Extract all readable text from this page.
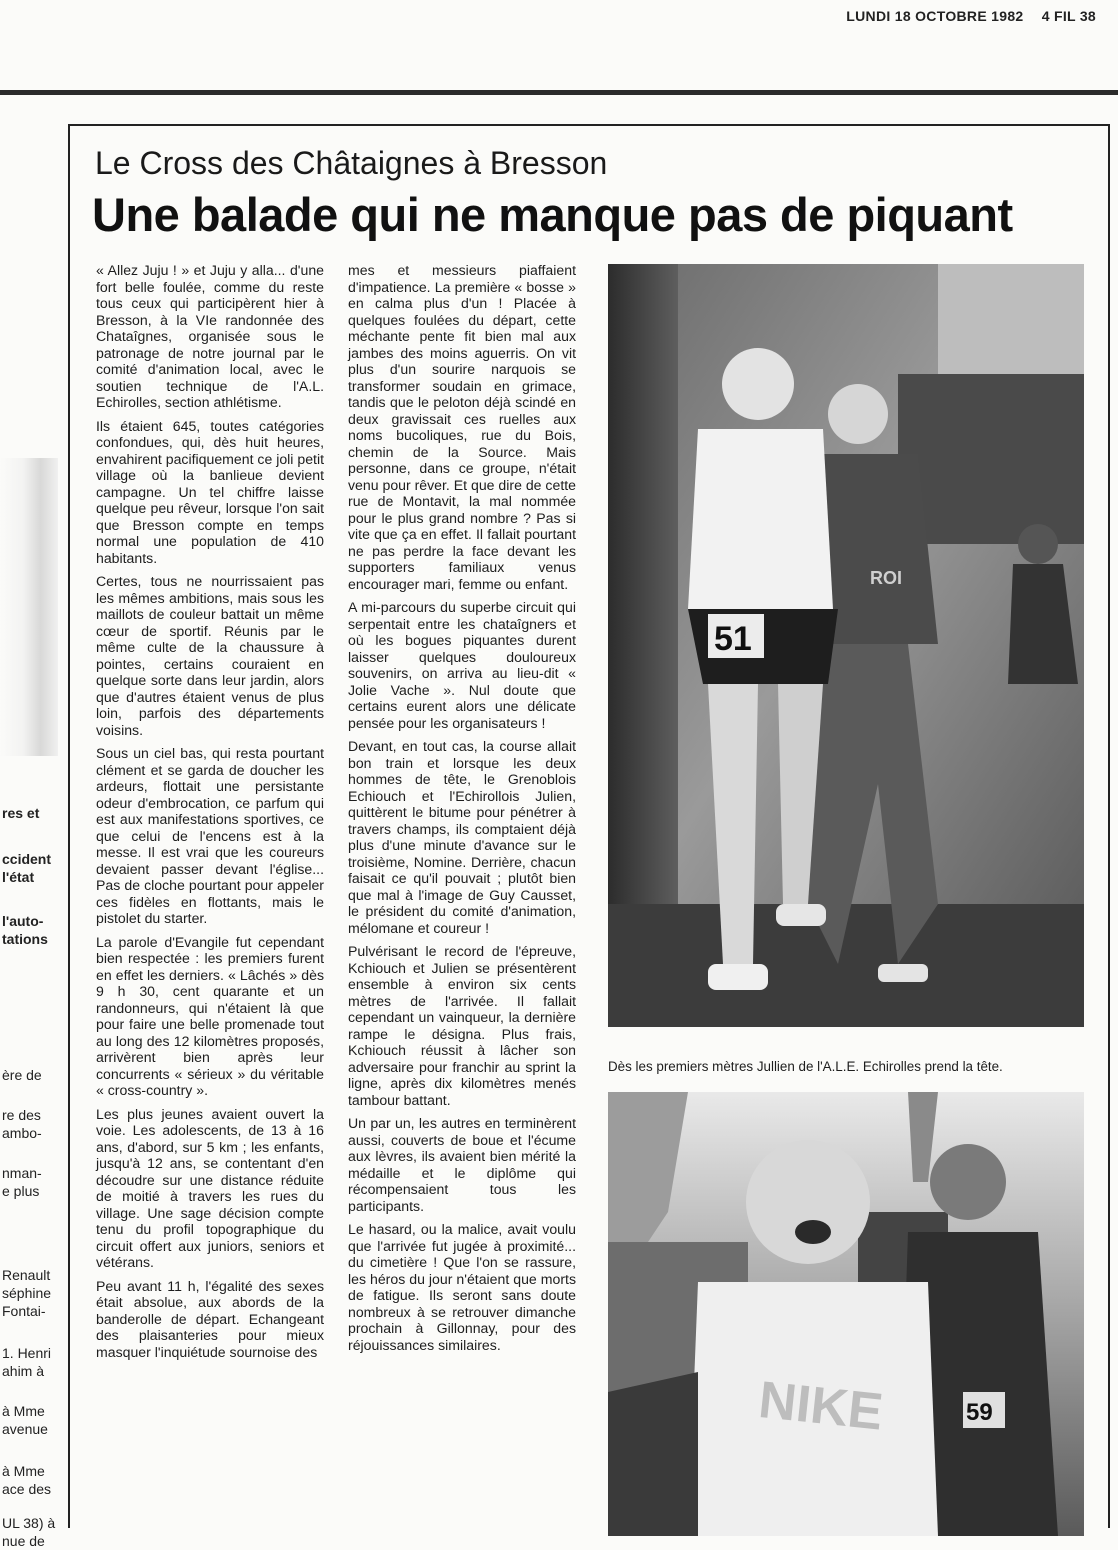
LUNDI 18 OCTOBRE 1982 4 FIL 38
res et
ccident
l'état
l'auto-
tations
ère de
re des
ambo-
nman-
e plus
Renault
séphine
Fontai-
1. Henri
ahim à
à Mme
avenue
à Mme
ace des
UL 38) à
nue de
Le Cross des Châtaignes à Bresson
Une balade qui ne manque pas de piquant

« Allez Juju ! » et Juju y alla... d'une fort belle foulée, comme du reste tous ceux qui participèrent hier à Bresson, à la VIe randonnée des Chataîgnes, organisée sous le patronage de notre journal par le comité d'animation local, avec le soutien technique de l'A.L. Echirolles, section athlétisme.

Ils étaient 645, toutes catégories confondues, qui, dès huit heures, envahirent pacifiquement ce joli petit village où la banlieue devient campagne. Un tel chiffre laisse quelque peu rêveur, lorsque l'on sait que Bresson compte en temps normal une population de 410 habitants.

Certes, tous ne nourrissaient pas les mêmes ambitions, mais sous les maillots de couleur battait un même cœur de sportif. Réunis par le même culte de la chaussure à pointes, certains couraient en quelque sorte dans leur jardin, alors que d'autres étaient venus de plus loin, parfois des départements voisins.

Sous un ciel bas, qui resta pourtant clément et se garda de doucher les ardeurs, flottait une persistante odeur d'embrocation, ce parfum qui est aux manifestations sportives, ce que celui de l'encens est à la messe. Il est vrai que les coureurs devaient passer devant l'église... Pas de cloche pourtant pour appeler ces fidèles en flottants, mais le pistolet du starter.

La parole d'Evangile fut cependant bien respectée : les premiers furent en effet les derniers. « Lâchés » dès 9 h 30, cent quarante et un randonneurs, qui n'étaient là que pour faire une belle promenade tout au long des 12 kilomètres proposés, arrivèrent bien après leur concurrents « sérieux » du véritable « cross-country ».

Les plus jeunes avaient ouvert la voie. Les adolescents, de 13 à 16 ans, d'abord, sur 5 km ; les enfants, jusqu'à 12 ans, se contentant d'en découdre sur une distance réduite de moitié à travers les rues du village. Une sage décision compte tenu du profil topographique du circuit offert aux juniors, seniors et vétérans.

Peu avant 11 h, l'égalité des sexes était absolue, aux abords de la banderolle de départ. Echangeant des plaisanteries pour mieux masquer l'inquiétude sournoise des

mes et messieurs piaffaient d'impatience. La première « bosse » en calma plus d'un ! Placée à quelques foulées du départ, cette méchante pente fit bien mal aux jambes des moins aguerris. On vit plus d'un sourire narquois se transformer soudain en grimace, tandis que le peloton déjà scindé en deux gravissait ces ruelles aux noms bucoliques, rue du Bois, chemin de la Source. Mais personne, dans ce groupe, n'était venu pour rêver. Et que dire de cette rue de Montavit, la mal nommée pour le plus grand nombre ? Pas si vite que ça en effet. Il fallait pourtant ne pas perdre la face devant les supporters familiaux venus encourager mari, femme ou enfant.

A mi-parcours du superbe circuit qui serpentait entre les chataîgners et où les bogues piquantes durent laisser quelques douloureux souvenirs, on arriva au lieu-dit « Jolie Vache ». Nul doute que certains eurent alors une délicate pensée pour les organisateurs !

Devant, en tout cas, la course allait bon train et lorsque les deux hommes de tête, le Grenoblois Echiouch et l'Echirollois Julien, quittèrent le bitume pour pénétrer à travers champs, ils comptaient déjà plus d'une minute d'avance sur le troisième, Nomine. Derrière, chacun faisait ce qu'il pouvait ; plutôt bien que mal à l'image de Guy Causset, le président du comité d'animation, mélomane et coureur !

Pulvérisant le record de l'épreuve, Kchiouch et Julien se présentèrent ensemble à environ six cents mètres de l'arrivée. Il fallait cependant un vainqueur, la dernière rampe le désigna. Plus frais, Kchiouch réussit à lâcher son adversaire pour franchir au sprint la ligne, après dix kilomètres menés tambour battant.

Un par un, les autres en terminèrent aussi, couverts de boue et l'écume aux lèvres, ils avaient bien mérité la médaille et le diplôme qui récompensaient tous les participants.

Le hasard, ou la malice, avait voulu que l'arrivée fut jugée à proximité... du cimetière ! Que l'on se rassure, les héros du jour n'étaient que morts de fatigue. Ils seront sans doute nombreux à se retrouver dimanche prochain à Gillonnay, pour des réjouissances similaires.

ROI
51
Dès les premiers mètres Jullien de l'A.L.E. Echirolles prend la tête.
59
NIKE
